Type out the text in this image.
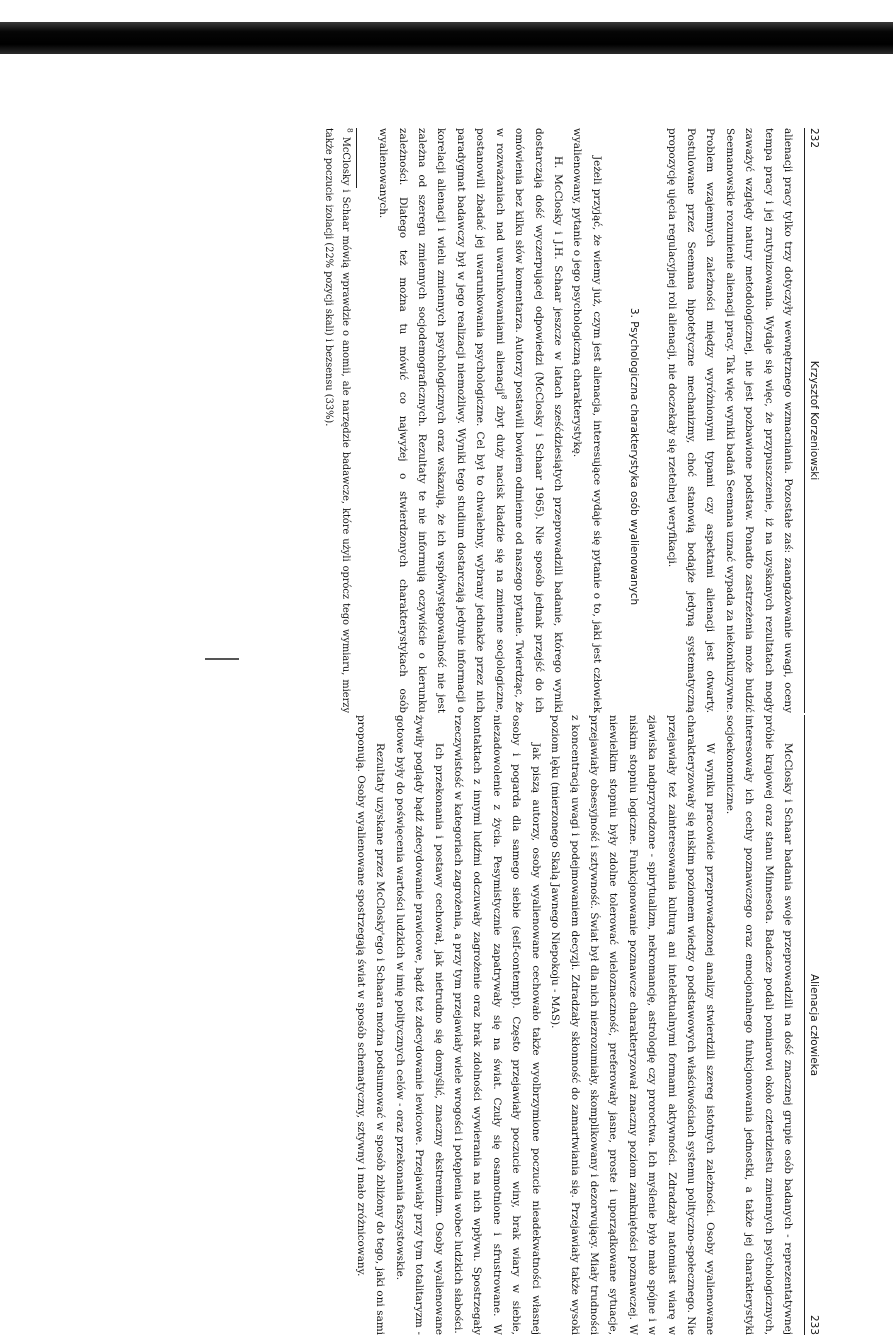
232
Krzysztof Korzeniowski

alienacji pracy tylko trzy dotyczyły wewnętrznego wzmacniania. Pozostałe zaś: zaangażowanie uwagi, oceny tempa pracy i jej zrutynizowania. Wydaje się więc, że przypuszczenie, iż na uzyskanych rezultatach mogły zaważyć względy natury metodologicznej, nie jest pozbawione podstaw. Ponadto zastrzeżenia może budzić Seemanowskie rozumienie alienacji pracy. Tak więc wyniki badań Seemana uznać wypada za niekonkluzywne. Problem wzajemnych zależności między wyróżnionymi typami czy aspektami alienacji jest otwarty. Postulowane przez Seemana hipotetyczne mechanizmy, choć stanowią bodajże jedyną systematyczną propozycję ujęcia regulacyjnej roli alienacji, nie doczekały się rzetelnej weryfikacji.

3. Psychologiczna charakterystyka osób wyalienowanych

Jeżeli przyjąć, że wiemy już, czym jest alienacja, interesujące wydaje się pytanie o to, jaki jest człowiek wyalienowany, pytanie o jego psychologiczną charakterystykę.

H. McClosky i J.H. Schaar jeszcze w latach sześćdziesiątych przeprowadzili badanie, którego wyniki dostarczają dość wyczerpującej odpowiedzi (McClosky i Schaar 1965). Nie sposób jednak przejść do ich omówienia bez kilku słów komentarza. Autorzy postawili bowiem odmienne od naszego pytanie. Twierdząc, że w rozważaniach nad uwarunkowaniami alienacji$^8$ zbyt duży nacisk kładzie się na zmienne socjologiczne, postanowili zbadać jej uwarunkowania psychologiczne. Cel był to chwalebny, wybrany jednakże przez nich paradygmat badawczy był w jego realizacji niemożliwy. Wyniki tego studium dostarczają jedynie informacji o korelacji alienacji i wielu zmiennych psychologicznych oraz wskazują, że ich współwystępowalność nie jest zależna od szeregu zmiennych socjodemograficznych. Rezultaty te nie informują oczywiście o kierunku zależności. Dlatego też można tu mówić co najwyżej o stwierdzonych charakterystykach osób wyalienowanych.

$^8$ McClosky i Schaar mówią wprawdzie o anomii, ale narzędzie badawcze, które użyli oprócz tego wymiaru, mierzy także poczucie izolacji (22% pozycji skali) i bezsensu (33%).

Alienacja człowieka
233

McClosky i Schaar badania swoje przeprowadzili na dość znacznej grupie osób badanych - reprezentatywnej próbie krajowej oraz stanu Minnesota. Badacze podali pomiarowi około czterdziestu zmiennych psychologicznych, interesowały ich cechy poznawczego oraz emocjonalnego funkcjonowania jednostki, a także jej charakterystyki socjoekonomiczne.

W wyniku pracowicie przeprowadzonej analizy stwierdzili szereg istotnych zależności. Osoby wyalienowane charakteryzowały się niskim poziomem wiedzy o podstawowych właściwościach systemu polityczno-społecznego. Nie przejawiały też zainteresowania kulturą ani intelektualnymi formami aktywności. Zdradzały natomiast wiarę w zjawiska nadprzyrodzone - spirytualizm, nekromancję, astrologię czy proroctwa. Ich myślenie było mało spójne i w niskim stopniu logiczne. Funkcjonowanie poznawcze charakteryzował znaczny poziom zamkniętości poznawczej. W niewielkim stopniu były zdolne tolerować wieloznaczność, preferowały jasne, proste i uporządkowane sytuacje, przejawiały obsesyjność i sztywność. Świat był dla nich niezrozumiały, skomplikowany i dezorwujący. Miały trudności z koncentracją uwagi i podejmowaniem decyzji. Zdradzały skłonność do zamartwiania się. Przejawiały także wysoki poziom lęku (mierzonego Skalą Jawnego Niepokoju - MAS).

Jak piszą autorzy, osoby wyalienowane cechowało także wyolbrzymione poczucie nieadekwatności własnej osoby i pogarda dla samego siebie (self-contempt). Często przejawiały poczucie winy, brak wiary w siebie, niezadowolenie z życia. Pesymistycznie zapatrywały się na świat. Czuły się osamotnione i sfrustrowane. W kontaktach z innymi ludźmi odczuwały zagrożenie oraz brak zdolności wywierania na nich wpływu. Spostrzegały rzeczywistość w kategoriach zagrożenia, a przy tym przejawiały wiele wrogości i potępienia wobec ludzkich słabości.

Ich przekonania i postawy cechował, jak nietrudno się domyślić, znaczny ekstremizm. Osoby wyalienowane żywiły poglądy bądź zdecydowanie prawicowe, bądź też zdecydowanie lewicowe. Przejawiały przy tym totalitaryzm - gotowe były do poświęcenia wartości ludzkich w imię politycznych celów - oraz przekonania faszystowskie.

Rezultaty uzyskane przez McClosky'ego i Schaara można podsumować w sposób zbliżony do tego, jaki oni sami proponują. Osoby wyalienowane spostrzegają świat w sposób schematyczny, sztywny i mało zróżnicowany.
